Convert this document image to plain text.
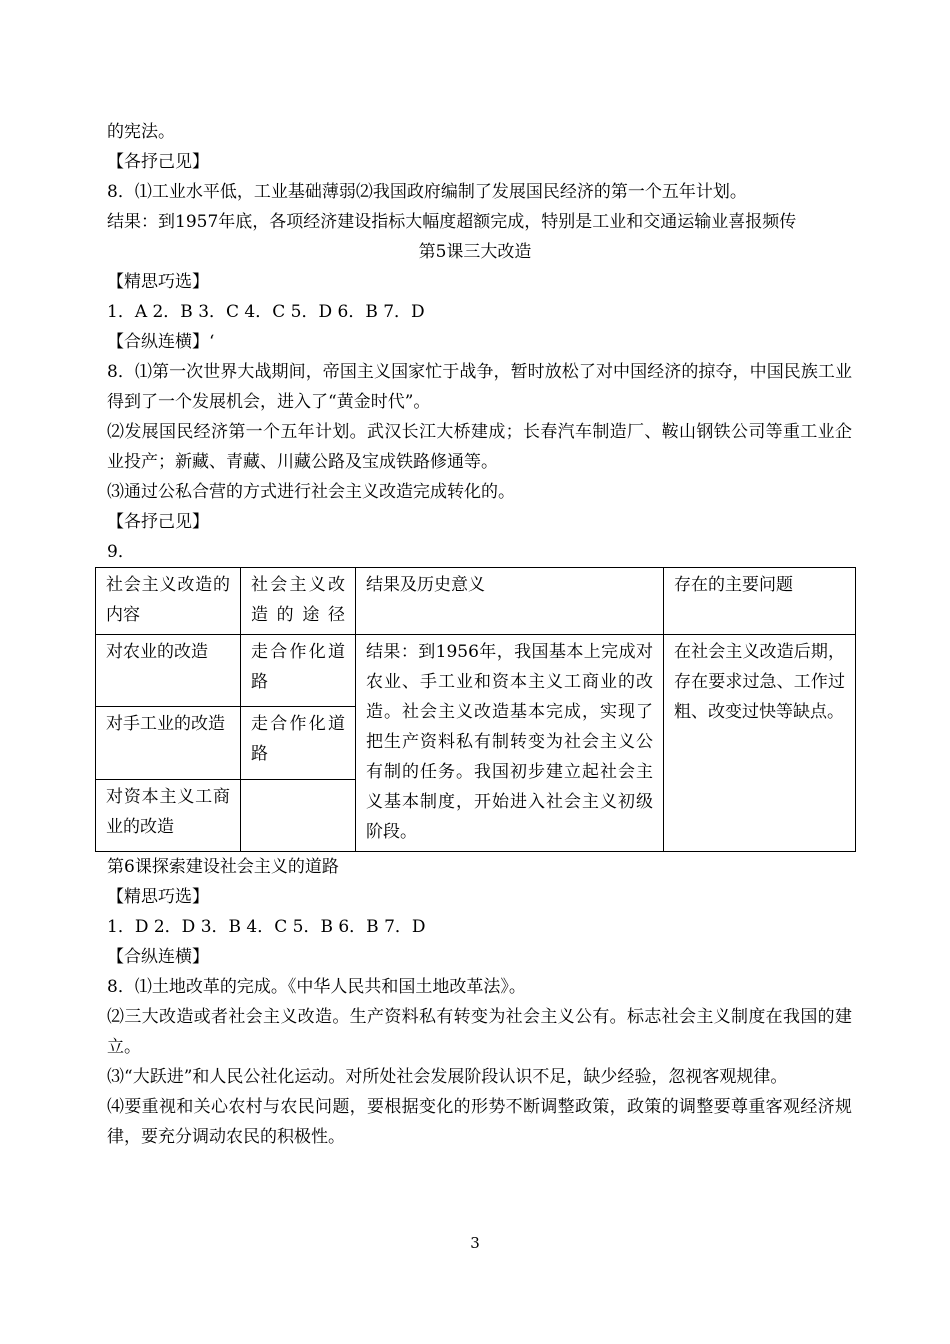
的宪法。
【各抒己见】
8．⑴工业水平低，工业基础薄弱⑵我国政府编制了发展国民经济的第一个五年计划。
结果：到1957年底，各项经济建设指标大幅度超额完成，特别是工业和交通运输业喜报频传
第5课三大改造
【精思巧选】
1．A 2．B 3．C 4．C 5．D 6．B 7．D
【合纵连横】‘
8．⑴第一次世界大战期间，帝国主义国家忙于战争，暂时放松了对中国经济的掠夺，中国民族工业得到了一个发展机会，进入了“黄金时代”。
⑵发展国民经济第一个五年计划。武汉长江大桥建成；长春汽车制造厂、鞍山钢铁公司等重工业企业投产；新藏、青藏、川藏公路及宝成铁路修通等。
⑶通过公私合营的方式进行社会主义改造完成转化的。
【各抒己见】
9．
社会主义改造的内容	社会主义改造的途径	结果及历史意义	存在的主要问题
对农业的改造	走合作化道路	结果：到1956年，我国基本上完成对农业、手工业和资本主义工商业的改造。社会主义改造基本完成，实现了把生产资料私有制转变为社会主义公有制的任务。我国初步建立起社会主义基本制度，开始进入社会主义初级阶段。	在社会主义改造后期，存在要求过急、工作过粗、改变过快等缺点。
对手工业的改造	走合作化道路		
对资本主义工商业的改造			
第6课探索建设社会主义的道路
【精思巧选】
1．D 2．D 3．B 4．C 5．B 6．B 7．D
【合纵连横】
8．⑴土地改革的完成。《中华人民共和国土地改革法》。
⑵三大改造或者社会主义改造。生产资料私有转变为社会主义公有。标志社会主义制度在我国的建立。
⑶“大跃进”和人民公社化运动。对所处社会发展阶段认识不足，缺少经验，忽视客观规律。
⑷要重视和关心农村与农民问题，要根据变化的形势不断调整政策，政策的调整要尊重客观经济规律，要充分调动农民的积极性。
3
